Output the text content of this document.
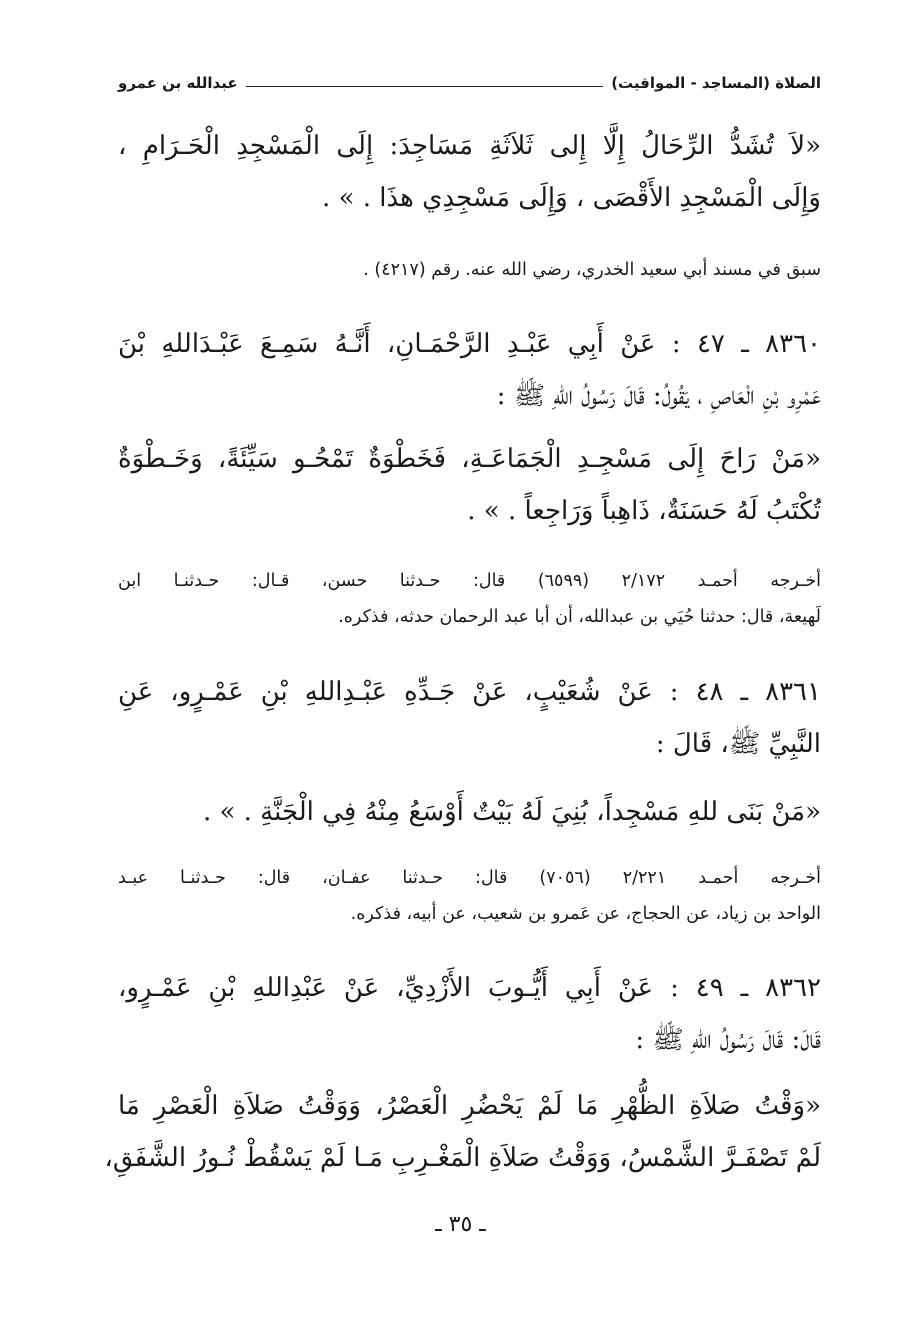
الصلاة (المساجد - المواقيت)
عبدالله بن عمرو
«لاَ تُشَدُّ الرِّحَالُ إِلَّا إِلى ثَلاَثَةِ مَسَاجِدَ: إِلَى الْمَسْجِدِ الْحَـرَامِ ،
وَإِلَى الْمَسْجِدِ الأَقْصَى ، وَإِلَى مَسْجِدِي هذَا . » .
سبق في مسند أبي سعيد الخدري، رضي الله عنه. رقم (٤٢١٧) .
٨٣٦٠ ـ ٤٧ : عَنْ أَبِي عَبْـدِ الرَّحْمَـانِ، أَنَّـهُ سَمِـعَ عَبْـدَاللهِ بْنَ
عَمْرِو بْنِ الْعَاصِ ، يَقُولُ: قَالَ رَسُولُ اللهِ ﷺ :
«مَنْ رَاحَ إِلَى مَسْجِـدِ الْجَمَاعَـةِ، فَخَطْوَةٌ تَمْحُـو سَيِّئَةً، وَخَـطْوَةٌ
تُكْتَبُ لَهُ حَسَنَةٌ، ذَاهِباً وَرَاجِعاً . » .
أخـرجه أحمـد ٢/١٧٢ (٦٥٩٩) قال: حـدثنا حسن، قـال: حـدثنـا ابن
لَهيعة، قال: حدثنا حُيَي بن عبدالله، أن أبا عبد الرحمان حدثه، فذكره.
٨٣٦١ ـ ٤٨ : عَنْ شُعَيْبٍ، عَنْ جَـدِّهِ عَبْـدِاللهِ بْنِ عَمْـرٍو، عَنِ
النَّبِيِّ ﷺ، قَالَ :
«مَنْ بَنَى للهِ مَسْجِداً، بُنِيَ لَهُ بَيْتٌ أَوْسَعُ مِنْهُ فِي الْجَنَّةِ . » .
أخـرجه أحمـد ٢/٢٢١ (٧٠٥٦) قال: حـدثنا عفـان، قال: حـدثنـا عبـد
الواحد بن زياد، عن الحجاج، عن عَمرو بن شعيب، عن أبيه، فذكره.
٨٣٦٢ ـ ٤٩ : عَنْ أَبِي أَيُّـوبَ الأَزْدِيِّ، عَنْ عَبْدِاللهِ بْنِ عَمْـرٍو،
قَالَ: قَالَ رَسُولُ اللهِ ﷺ :
«وَقْتُ صَلاَةِ الظُّهْرِ مَا لَمْ يَحْضُرِ الْعَصْرُ، وَوَقْتُ صَلاَةِ الْعَصْرِ مَا
لَمْ تَصْفَـرَّ الشَّمْسُ، وَوَقْتُ صَلاَةِ الْمَغْـرِبِ مَـا لَمْ يَسْقُطْ نُـورُ الشَّفَقِ،
ـ ٣٥ ـ
